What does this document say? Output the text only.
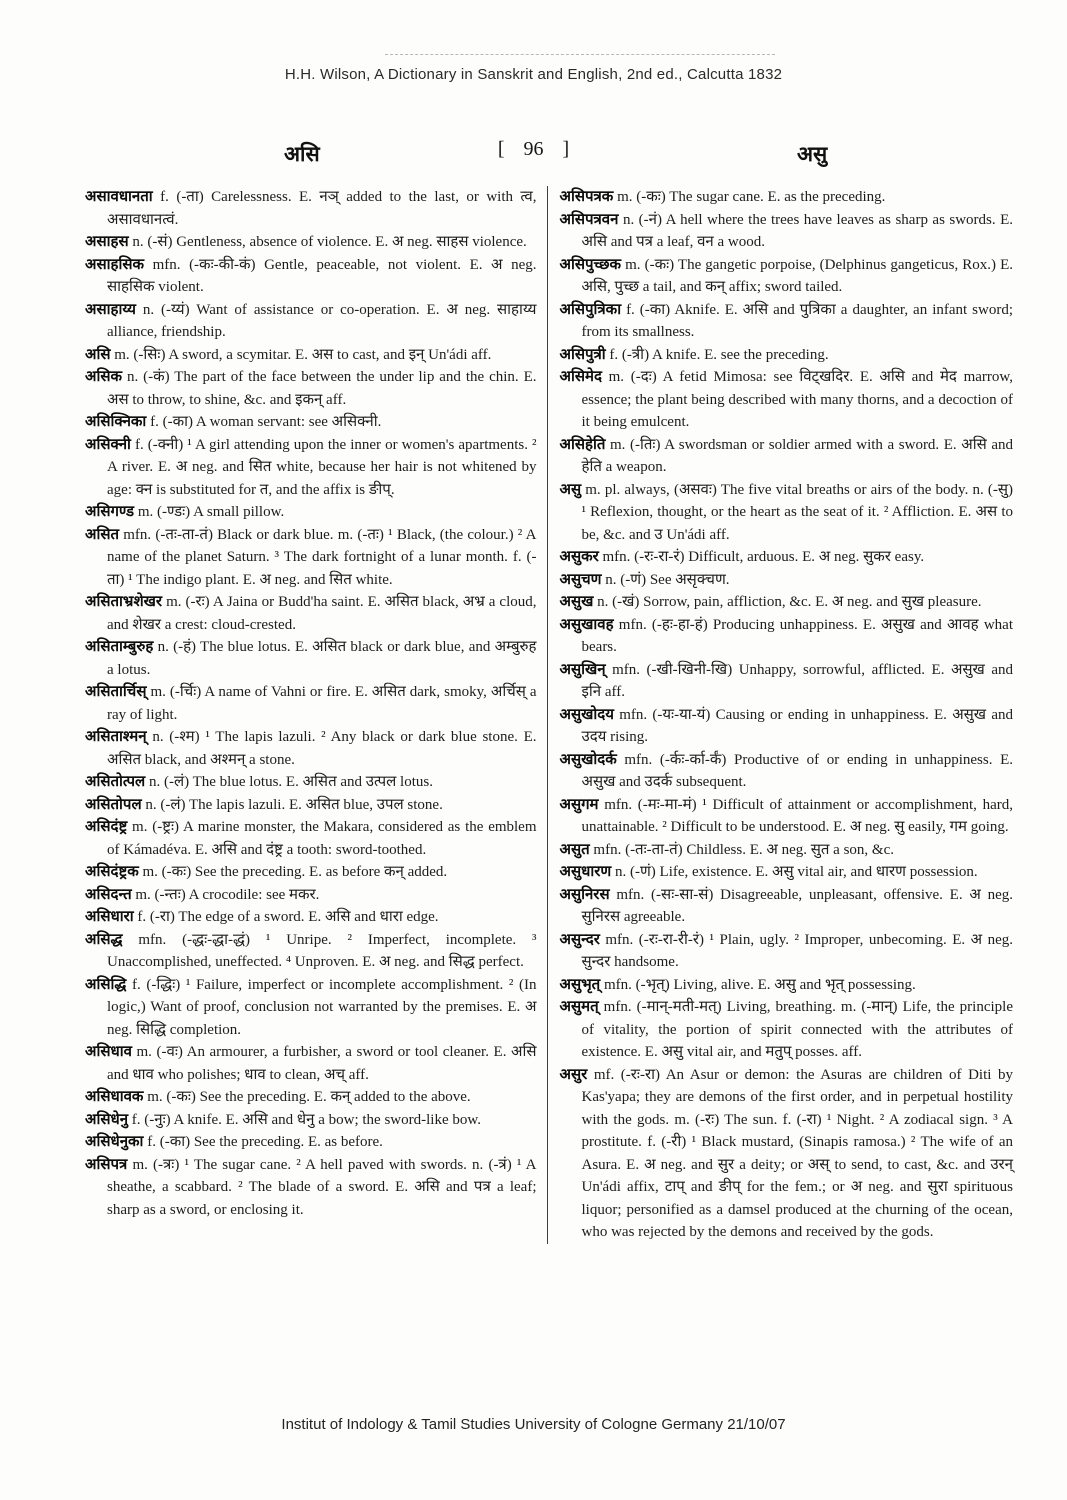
H.H. Wilson, A Dictionary in Sanskrit and English, 2nd ed., Calcutta 1832
असि	[ 96 ]	असु

असावधानता f. (-ता) Carelessness. E. नञ् added to the last, or with त्व, असावधानत्वं.

असाहस n. (-सं) Gentleness, absence of violence. E. अ neg. साहस violence.

असाहसिक mfn. (-कः-की-कं) Gentle, peaceable, not violent. E. अ neg. साहसिक violent.

असाहाय्य n. (-य्यं) Want of assistance or co-operation. E. अ neg. साहाय्य alliance, friendship.

असि m. (-सिः) A sword, a scymitar. E. अस to cast, and इन् Un'ádi aff.

असिक n. (-कं) The part of the face between the under lip and the chin. E. अस to throw, to shine, &c. and इकन् aff.

असिक्निका f. (-का) A woman servant: see असिक्नी.

असिक्नी f. (-क्नी) ¹ A girl attending upon the inner or women's apartments. ² A river. E. अ neg. and सित white, because her hair is not whitened by age: क्न is substituted for त, and the affix is ङीप्.

असिगण्ड m. (-ण्डः) A small pillow.

असित mfn. (-तः-ता-तं) Black or dark blue. m. (-तः) ¹ Black, (the colour.) ² A name of the planet Saturn. ³ The dark fortnight of a lunar month. f. (-ता) ¹ The indigo plant. E. अ neg. and सित white.

असिताभ्रशेखर m. (-रः) A Jaina or Budd'ha saint. E. असित black, अभ्र a cloud, and शेखर a crest: cloud-crested.

असिताम्बुरुह n. (-हं) The blue lotus. E. असित black or dark blue, and अम्बुरुह a lotus.

असितार्चिस् m. (-र्चिः) A name of Vahni or fire. E. असित dark, smoky, अर्चिस् a ray of light.

असिताश्मन् n. (-श्म) ¹ The lapis lazuli. ² Any black or dark blue stone. E. असित black, and अश्मन् a stone.

असितोत्पल n. (-लं) The blue lotus. E. असित and उत्पल lotus.

असितोपल n. (-लं) The lapis lazuli. E. असित blue, उपल stone.

असिदंष्ट्र m. (-ष्ट्रः) A marine monster, the Makara, considered as the emblem of Kámadéva. E. असि and दंष्ट्र a tooth: sword-toothed.

असिदंष्ट्रक m. (-कः) See the preceding. E. as before कन् added.

असिदन्त m. (-न्तः) A crocodile: see मकर.

असिधारा f. (-रा) The edge of a sword. E. असि and धारा edge.

असिद्ध mfn. (-द्धः-द्धा-द्धं) ¹ Unripe. ² Imperfect, incomplete. ³ Unaccomplished, uneffected. ⁴ Unproven. E. अ neg. and सिद्ध perfect.

असिद्धि f. (-द्धिः) ¹ Failure, imperfect or incomplete accomplishment. ² (In logic,) Want of proof, conclusion not warranted by the premises. E. अ neg. सिद्धि completion.

असिधाव m. (-वः) An armourer, a furbisher, a sword or tool cleaner. E. असि and धाव who polishes; धाव to clean, अच् aff.

असिधावक m. (-कः) See the preceding. E. कन् added to the above.

असिधेनु f. (-नुः) A knife. E. असि and धेनु a bow; the sword-like bow.

असिधेनुका f. (-का) See the preceding. E. as before.

असिपत्र m. (-त्रः) ¹ The sugar cane. ² A hell paved with swords. n. (-त्रं) ¹ A sheathe, a scabbard. ² The blade of a sword. E. असि and पत्र a leaf; sharp as a sword, or enclosing it.

असिपत्रक m. (-कः) The sugar cane. E. as the preceding.

असिपत्रवन n. (-नं) A hell where the trees have leaves as sharp as swords. E. असि and पत्र a leaf, वन a wood.

असिपुच्छक m. (-कः) The gangetic porpoise, (Delphinus gangeticus, Rox.) E. असि, पुच्छ a tail, and कन् affix; sword tailed.

असिपुत्रिका f. (-का) Aknife. E. असि and पुत्रिका a daughter, an infant sword; from its smallness.

असिपुत्री f. (-त्री) A knife. E. see the preceding.

असिमेद m. (-दः) A fetid Mimosa: see विट्खदिर. E. असि and मेद marrow, essence; the plant being described with many thorns, and a decoction of it being emulcent.

असिहेति m. (-तिः) A swordsman or soldier armed with a sword. E. असि and हेति a weapon.

असु m. pl. always, (असवः) The five vital breaths or airs of the body. n. (-सु) ¹ Reflexion, thought, or the heart as the seat of it. ² Affliction. E. अस to be, &c. and उ Un'ádi aff.

असुकर mfn. (-रः-रा-रं) Difficult, arduous. E. अ neg. सुकर easy.

असुचण n. (-णं) See असृक्चण.

असुख n. (-खं) Sorrow, pain, affliction, &c. E. अ neg. and सुख pleasure.

असुखावह mfn. (-हः-हा-हं) Producing unhappiness. E. असुख and आवह what bears.

असुखिन् mfn. (-खी-खिनी-खि) Unhappy, sorrowful, afflicted. E. असुख and इनि aff.

असुखोदय mfn. (-यः-या-यं) Causing or ending in unhappiness. E. असुख and उदय rising.

असुखोदर्क mfn. (-र्कः-र्का-र्कं) Productive of or ending in unhappiness. E. असुख and उदर्क subsequent.

असुगम mfn. (-मः-मा-मं) ¹ Difficult of attainment or accomplishment, hard, unattainable. ² Difficult to be understood. E. अ neg. सु easily, गम going.

असुत mfn. (-तः-ता-तं) Childless. E. अ neg. सुत a son, &c.

असुधारण n. (-णं) Life, existence. E. असु vital air, and धारण possession.

असुनिरस mfn. (-सः-सा-सं) Disagreeable, unpleasant, offensive. E. अ neg. सुनिरस agreeable.

असुन्दर mfn. (-रः-रा-री-रं) ¹ Plain, ugly. ² Improper, unbecoming. E. अ neg. सुन्दर handsome.

असुभृत् mfn. (-भृत्) Living, alive. E. असु and भृत् possessing.

असुमत् mfn. (-मान्-मती-मत्) Living, breathing. m. (-मान्) Life, the principle of vitality, the portion of spirit connected with the attributes of existence. E. असु vital air, and मतुप् posses. aff.

असुर mf. (-रः-रा) An Asur or demon: the Asuras are children of Diti by Kas'yapa; they are demons of the first order, and in perpetual hostility with the gods. m. (-रः) The sun. f. (-रा) ¹ Night. ² A zodiacal sign. ³ A prostitute. f. (-री) ¹ Black mustard, (Sinapis ramosa.) ² The wife of an Asura. E. अ neg. and सुर a deity; or अस् to send, to cast, &c. and उरन् Un'ádi affix, टाप् and ङीप् for the fem.; or अ neg. and सुरा spirituous liquor; personified as a damsel produced at the churning of the ocean, who was rejected by the demons and received by the gods.

Institut of Indology & Tamil Studies University of Cologne Germany 21/10/07
